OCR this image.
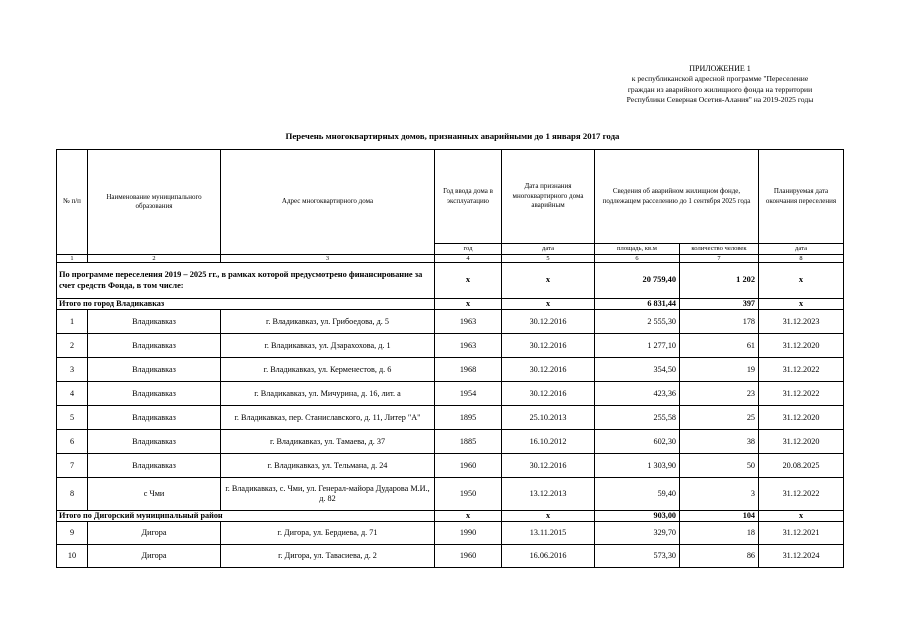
ПРИЛОЖЕНИЕ 1
к республиканской адресной программе "Переселение
граждан из аварийного жилищного фонда на территории
Республики Северная Осетия-Алания" на 2019-2025 годы
Перечень многоквартирных домов, признанных аварийными до 1 января 2017 года
№ п/п	Наименование муниципального образования	Адрес многоквартирного дома	Год ввода дома в эксплуатацию	Дата признания многоквартирного дома аварийным	Сведения об аварийном жилищном фонде, подлежащем расселению до 1 сентября 2025 года		Планируемая дата окончания переселения
			год	дата	площадь, кв.м	количество человек	дата
1	2	3	4	5	6	7	8
По программе переселения 2019 – 2025 гг., в рамках которой предусмотрено финансирование за счет средств Фонда, в том числе:			x	x	20 759,40	1 202	x
Итого по город Владикавказ			x	x	6 831,44	397	x
1	Владикавказ	г. Владикавказ, ул. Грибоедова, д. 5	1963	30.12.2016	2 555,30	178	31.12.2023
2	Владикавказ	г. Владикавказ, ул. Дзарахохова, д. 1	1963	30.12.2016	1 277,10	61	31.12.2020
3	Владикавказ	г. Владикавказ, ул. Керменестов, д. 6	1968	30.12.2016	354,50	19	31.12.2022
4	Владикавказ	г. Владикавказ, ул. Мичурина, д. 16, лит. а	1954	30.12.2016	423,36	23	31.12.2022
5	Владикавказ	г. Владикавказ, пер. Станиславского, д. 11, Литер "А"	1895	25.10.2013	255,58	25	31.12.2020
6	Владикавказ	г. Владикавказ, ул. Тамаева, д. 37	1885	16.10.2012	602,30	38	31.12.2020
7	Владикавказ	г. Владикавказ, ул. Тельмана, д. 24	1960	30.12.2016	1 303,90	50	20.08.2025
8	с Чми	г. Владикавказ, с. Чми, ул. Генерал-майора Дударова М.И., д. 82	1950	13.12.2013	59,40	3	31.12.2022
Итого по Дигорский муниципальный район			x	x	903,00	104	x
9	Дигора	г. Дигора, ул. Бердиева, д. 71	1990	13.11.2015	329,70	18	31.12.2021
10	Дигора	г. Дигора, ул. Тавасиева, д. 2	1960	16.06.2016	573,30	86	31.12.2024
